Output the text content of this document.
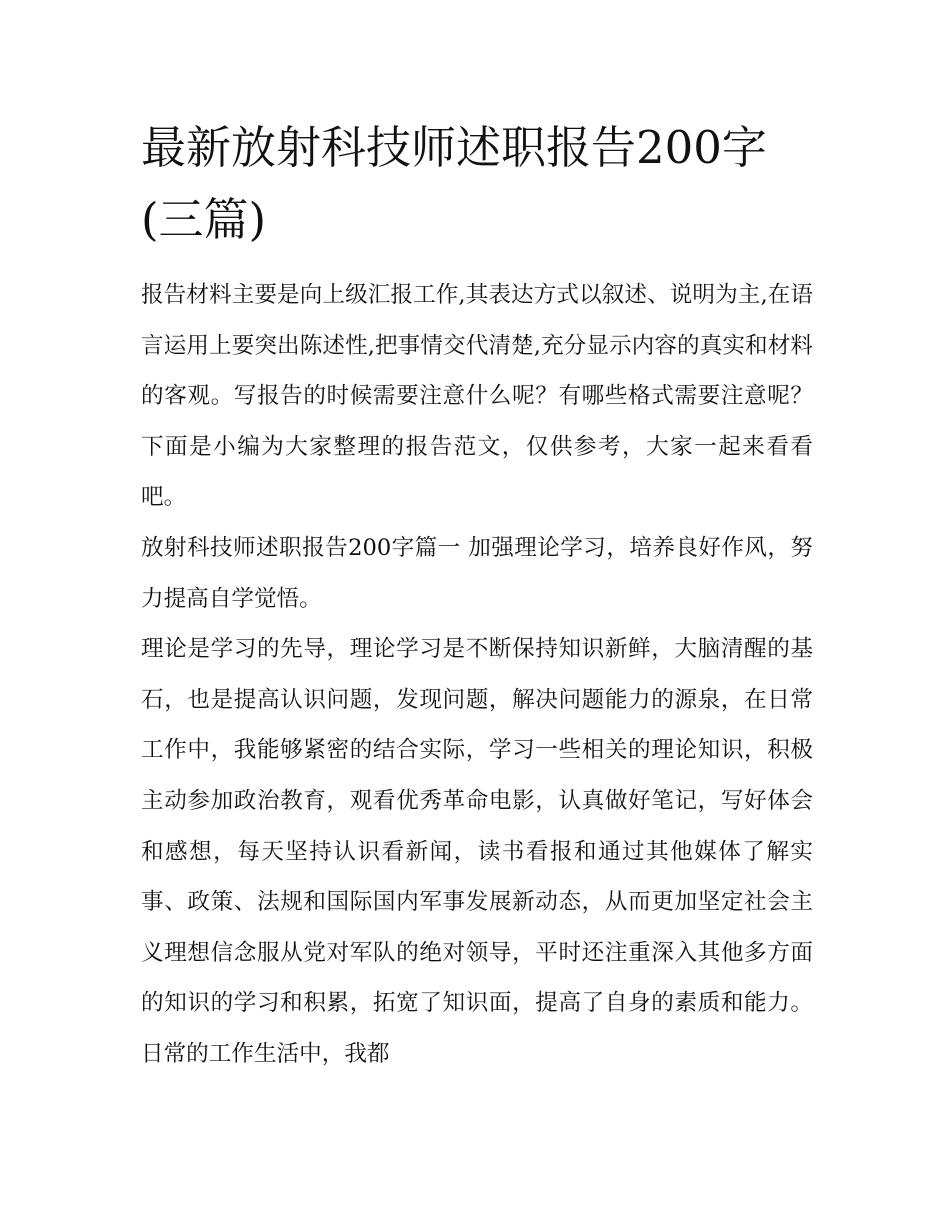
最新放射科技师述职报告200字(三篇)

报告材料主要是向上级汇报工作,其表达方式以叙述、说明为主,在语言运用上要突出陈述性,把事情交代清楚,充分显示内容的真实和材料的客观。写报告的时候需要注意什么呢？有哪些格式需要注意呢？下面是小编为大家整理的报告范文，仅供参考，大家一起来看看吧。

放射科技师述职报告200字篇一 加强理论学习，培养良好作风，努力提高自学觉悟。

理论是学习的先导，理论学习是不断保持知识新鲜，大脑清醒的基石，也是提高认识问题，发现问题，解决问题能力的源泉，在日常工作中，我能够紧密的结合实际，学习一些相关的理论知识，积极主动参加政治教育，观看优秀革命电影，认真做好笔记，写好体会和感想，每天坚持认识看新闻，读书看报和通过其他媒体了解实事、政策、法规和国际国内军事发展新动态，从而更加坚定社会主义理想信念服从党对军队的绝对领导，平时还注重深入其他多方面的知识的学习和积累，拓宽了知识面，提高了自身的素质和能力。日常的工作生活中，我都
